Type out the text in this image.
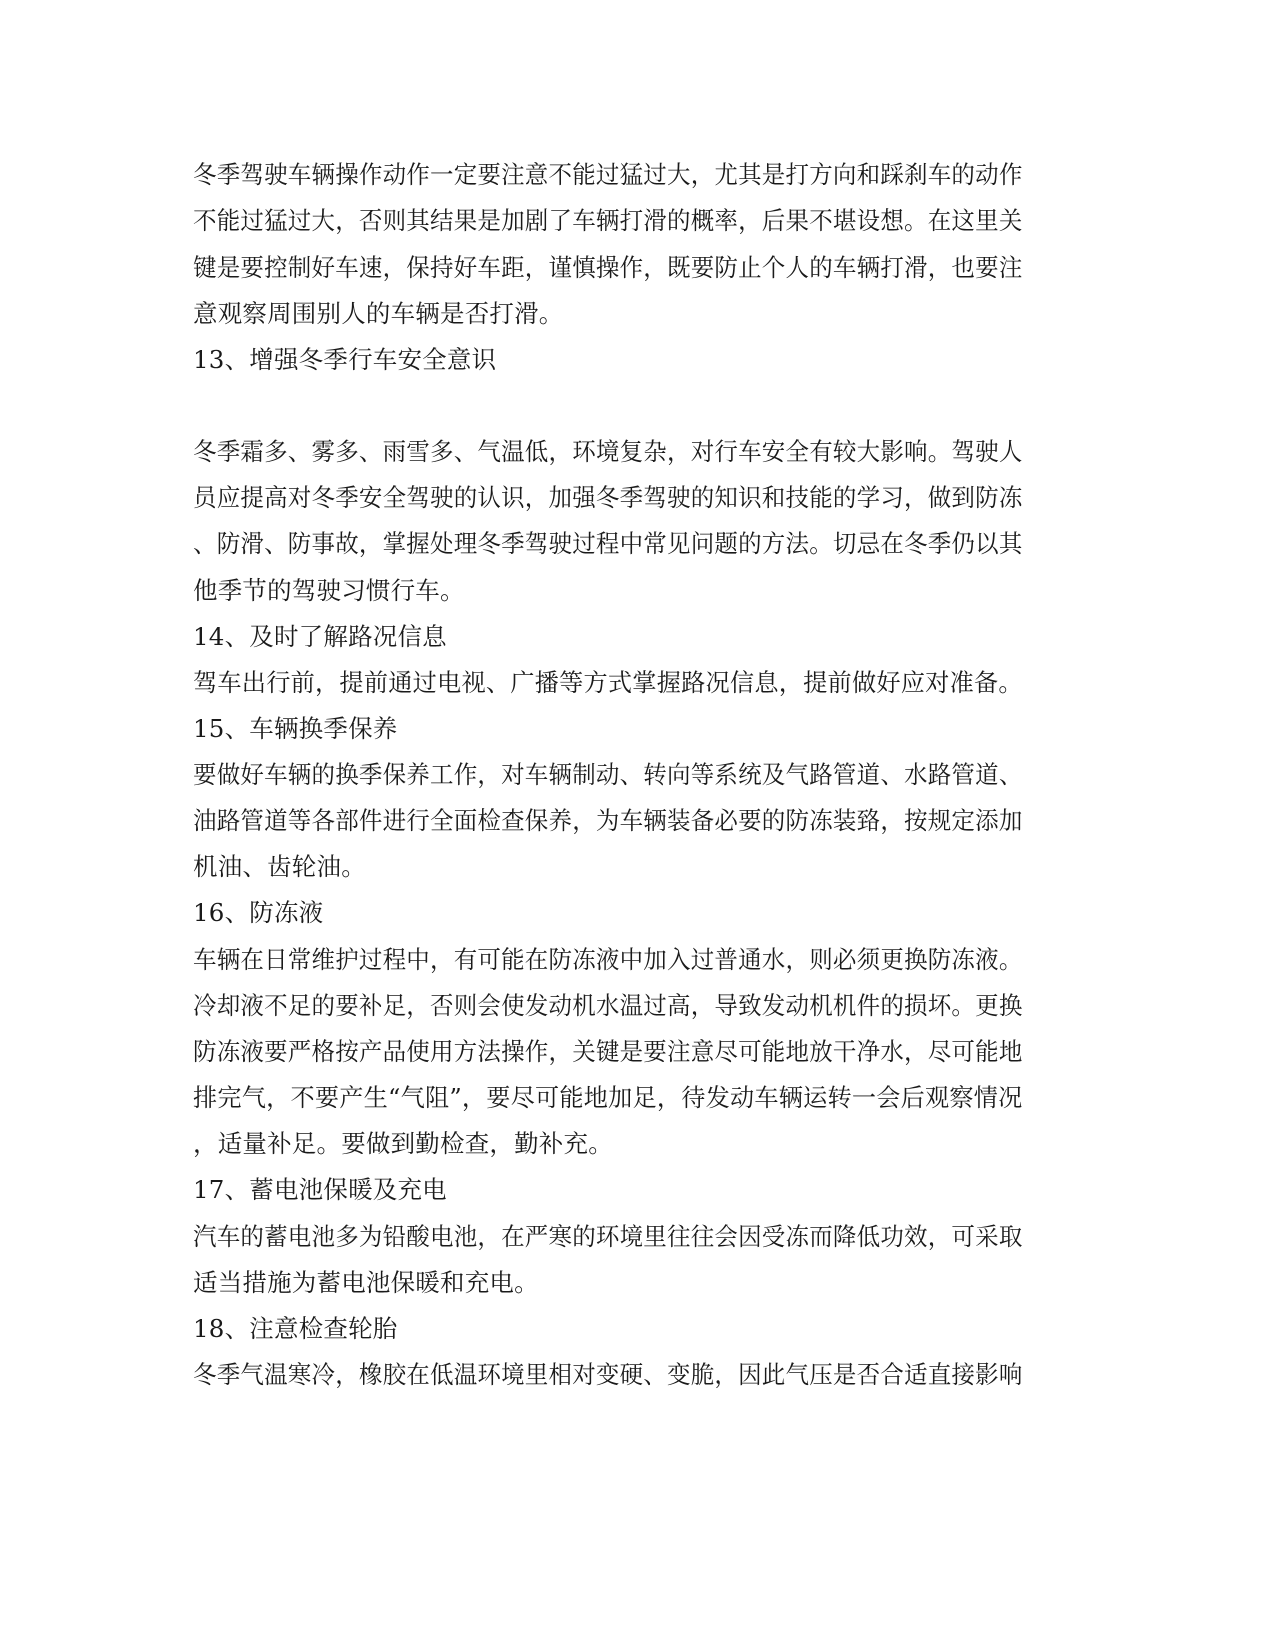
冬季驾驶车辆操作动作一定要注意不能过猛过大，尤其是打方向和踩刹车的动作
不能过猛过大，否则其结果是加剧了车辆打滑的概率，后果不堪设想。在这里关
键是要控制好车速，保持好车距，谨慎操作，既要防止个人的车辆打滑，也要注
意观察周围别人的车辆是否打滑。
13、增强冬季行车安全意识
冬季霜多、雾多、雨雪多、气温低，环境复杂，对行车安全有较大影响。驾驶人
员应提高对冬季安全驾驶的认识，加强冬季驾驶的知识和技能的学习，做到防冻
、防滑、防事故，掌握处理冬季驾驶过程中常见问题的方法。切忌在冬季仍以其
他季节的驾驶习惯行车。
14、及时了解路况信息
驾车出行前，提前通过电视、广播等方式掌握路况信息，提前做好应对准备。
15、车辆换季保养
要做好车辆的换季保养工作，对车辆制动、转向等系统及气路管道、水路管道、
油路管道等各部件进行全面检查保养，为车辆装备必要的防冻装臵，按规定添加
机油、齿轮油。
16、防冻液
车辆在日常维护过程中，有可能在防冻液中加入过普通水，则必须更换防冻液。
冷却液不足的要补足，否则会使发动机水温过高，导致发动机机件的损坏。更换
防冻液要严格按产品使用方法操作，关键是要注意尽可能地放干净水，尽可能地
排完气，不要产生“气阻”，要尽可能地加足，待发动车辆运转一会后观察情况
，适量补足。要做到勤检查，勤补充。
17、蓄电池保暖及充电
汽车的蓄电池多为铅酸电池，在严寒的环境里往往会因受冻而降低功效，可采取
适当措施为蓄电池保暖和充电。
18、注意检查轮胎
冬季气温寒冷，橡胶在低温环境里相对变硬、变脆，因此气压是否合适直接影响
